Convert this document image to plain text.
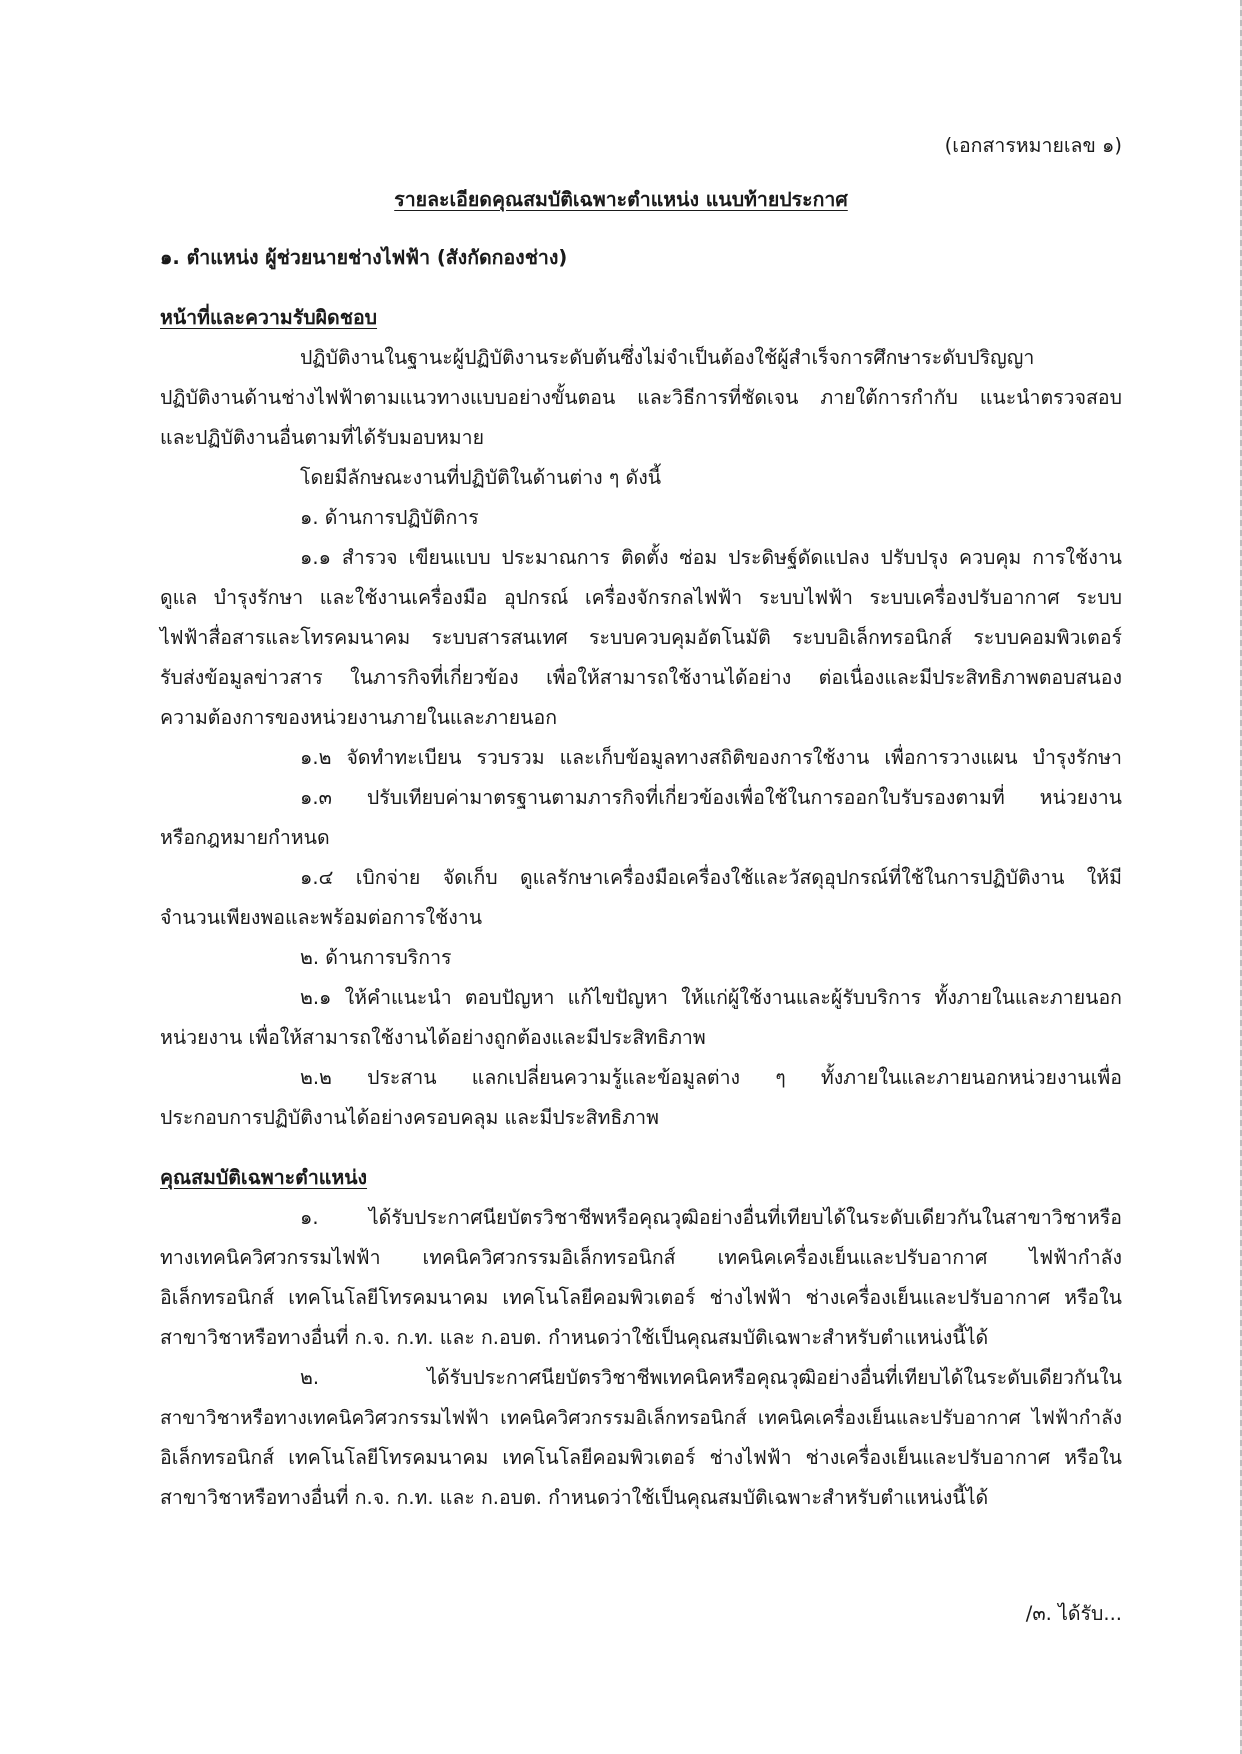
(เอกสารหมายเลข ๑)

รายละเอียดคุณสมบัติเฉพาะตำแหน่ง แนบท้ายประกาศ

๑. ตำแหน่ง ผู้ช่วยนายช่างไฟฟ้า (สังกัดกองช่าง)

หน้าที่และความรับผิดชอบ

ปฏิบัติงานในฐานะผู้ปฏิบัติงานระดับต้นซึ่งไม่จำเป็นต้องใช้ผู้สำเร็จการศึกษาระดับปริญญา

ปฏิบัติงานด้านช่างไฟฟ้าตามแนวทางแบบอย่างขั้นตอน และวิธีการที่ชัดเจน ภายใต้การกำกับ แนะนำตรวจสอบ

และปฏิบัติงานอื่นตามที่ได้รับมอบหมาย

โดยมีลักษณะงานที่ปฏิบัติในด้านต่าง ๆ ดังนี้

๑. ด้านการปฏิบัติการ

๑.๑ สำรวจ เขียนแบบ ประมาณการ ติดตั้ง ซ่อม ประดิษฐ์ดัดแปลง ปรับปรุง ควบคุม การใช้งาน

ดูแล บำรุงรักษา และใช้งานเครื่องมือ อุปกรณ์ เครื่องจักรกลไฟฟ้า ระบบไฟฟ้า ระบบเครื่องปรับอากาศ ระบบ

ไฟฟ้าสื่อสารและโทรคมนาคม ระบบสารสนเทศ ระบบควบคุมอัตโนมัติ ระบบอิเล็กทรอนิกส์ ระบบคอมพิวเตอร์

รับส่งข้อมูลข่าวสาร ในภารกิจที่เกี่ยวข้อง เพื่อให้สามารถใช้งานได้อย่าง ต่อเนื่องและมีประสิทธิภาพตอบสนอง

ความต้องการของหน่วยงานภายในและภายนอก

๑.๒ จัดทำทะเบียน รวบรวม และเก็บข้อมูลทางสถิติของการใช้งาน เพื่อการวางแผน บำรุงรักษา

๑.๓ ปรับเทียบค่ามาตรฐานตามภารกิจที่เกี่ยวข้องเพื่อใช้ในการออกใบรับรองตามที่ หน่วยงาน

หรือกฎหมายกำหนด

๑.๔ เบิกจ่าย จัดเก็บ ดูแลรักษาเครื่องมือเครื่องใช้และวัสดุอุปกรณ์ที่ใช้ในการปฏิบัติงาน ให้มี

จำนวนเพียงพอและพร้อมต่อการใช้งาน

๒. ด้านการบริการ

๒.๑ ให้คำแนะนำ ตอบปัญหา แก้ไขปัญหา ให้แก่ผู้ใช้งานและผู้รับบริการ ทั้งภายในและภายนอก

หน่วยงาน เพื่อให้สามารถใช้งานได้อย่างถูกต้องและมีประสิทธิภาพ

๒.๒ ประสาน แลกเปลี่ยนความรู้และข้อมูลต่าง ๆ ทั้งภายในและภายนอกหน่วยงานเพื่อ

ประกอบการปฏิบัติงานได้อย่างครอบคลุม และมีประสิทธิภาพ

คุณสมบัติเฉพาะตำแหน่ง

๑. ได้รับประกาศนียบัตรวิชาชีพหรือคุณวุฒิอย่างอื่นที่เทียบได้ในระดับเดียวกันในสาขาวิชาหรือ

ทางเทคนิควิศวกรรมไฟฟ้า เทคนิควิศวกรรมอิเล็กทรอนิกส์ เทคนิคเครื่องเย็นและปรับอากาศ ไฟฟ้ากำลัง

อิเล็กทรอนิกส์ เทคโนโลยีโทรคมนาคม เทคโนโลยีคอมพิวเตอร์ ช่างไฟฟ้า ช่างเครื่องเย็นและปรับอากาศ หรือใน

สาขาวิชาหรือทางอื่นที่ ก.จ. ก.ท. และ ก.อบต. กำหนดว่าใช้เป็นคุณสมบัติเฉพาะสำหรับตำแหน่งนี้ได้

๒. ได้รับประกาศนียบัตรวิชาชีพเทคนิคหรือคุณวุฒิอย่างอื่นที่เทียบได้ในระดับเดียวกันใน

สาขาวิชาหรือทางเทคนิควิศวกรรมไฟฟ้า เทคนิควิศวกรรมอิเล็กทรอนิกส์ เทคนิคเครื่องเย็นและปรับอากาศ ไฟฟ้ากำลัง

อิเล็กทรอนิกส์ เทคโนโลยีโทรคมนาคม เทคโนโลยีคอมพิวเตอร์ ช่างไฟฟ้า ช่างเครื่องเย็นและปรับอากาศ หรือใน

สาขาวิชาหรือทางอื่นที่ ก.จ. ก.ท. และ ก.อบต. กำหนดว่าใช้เป็นคุณสมบัติเฉพาะสำหรับตำแหน่งนี้ได้

/๓. ได้รับ...
